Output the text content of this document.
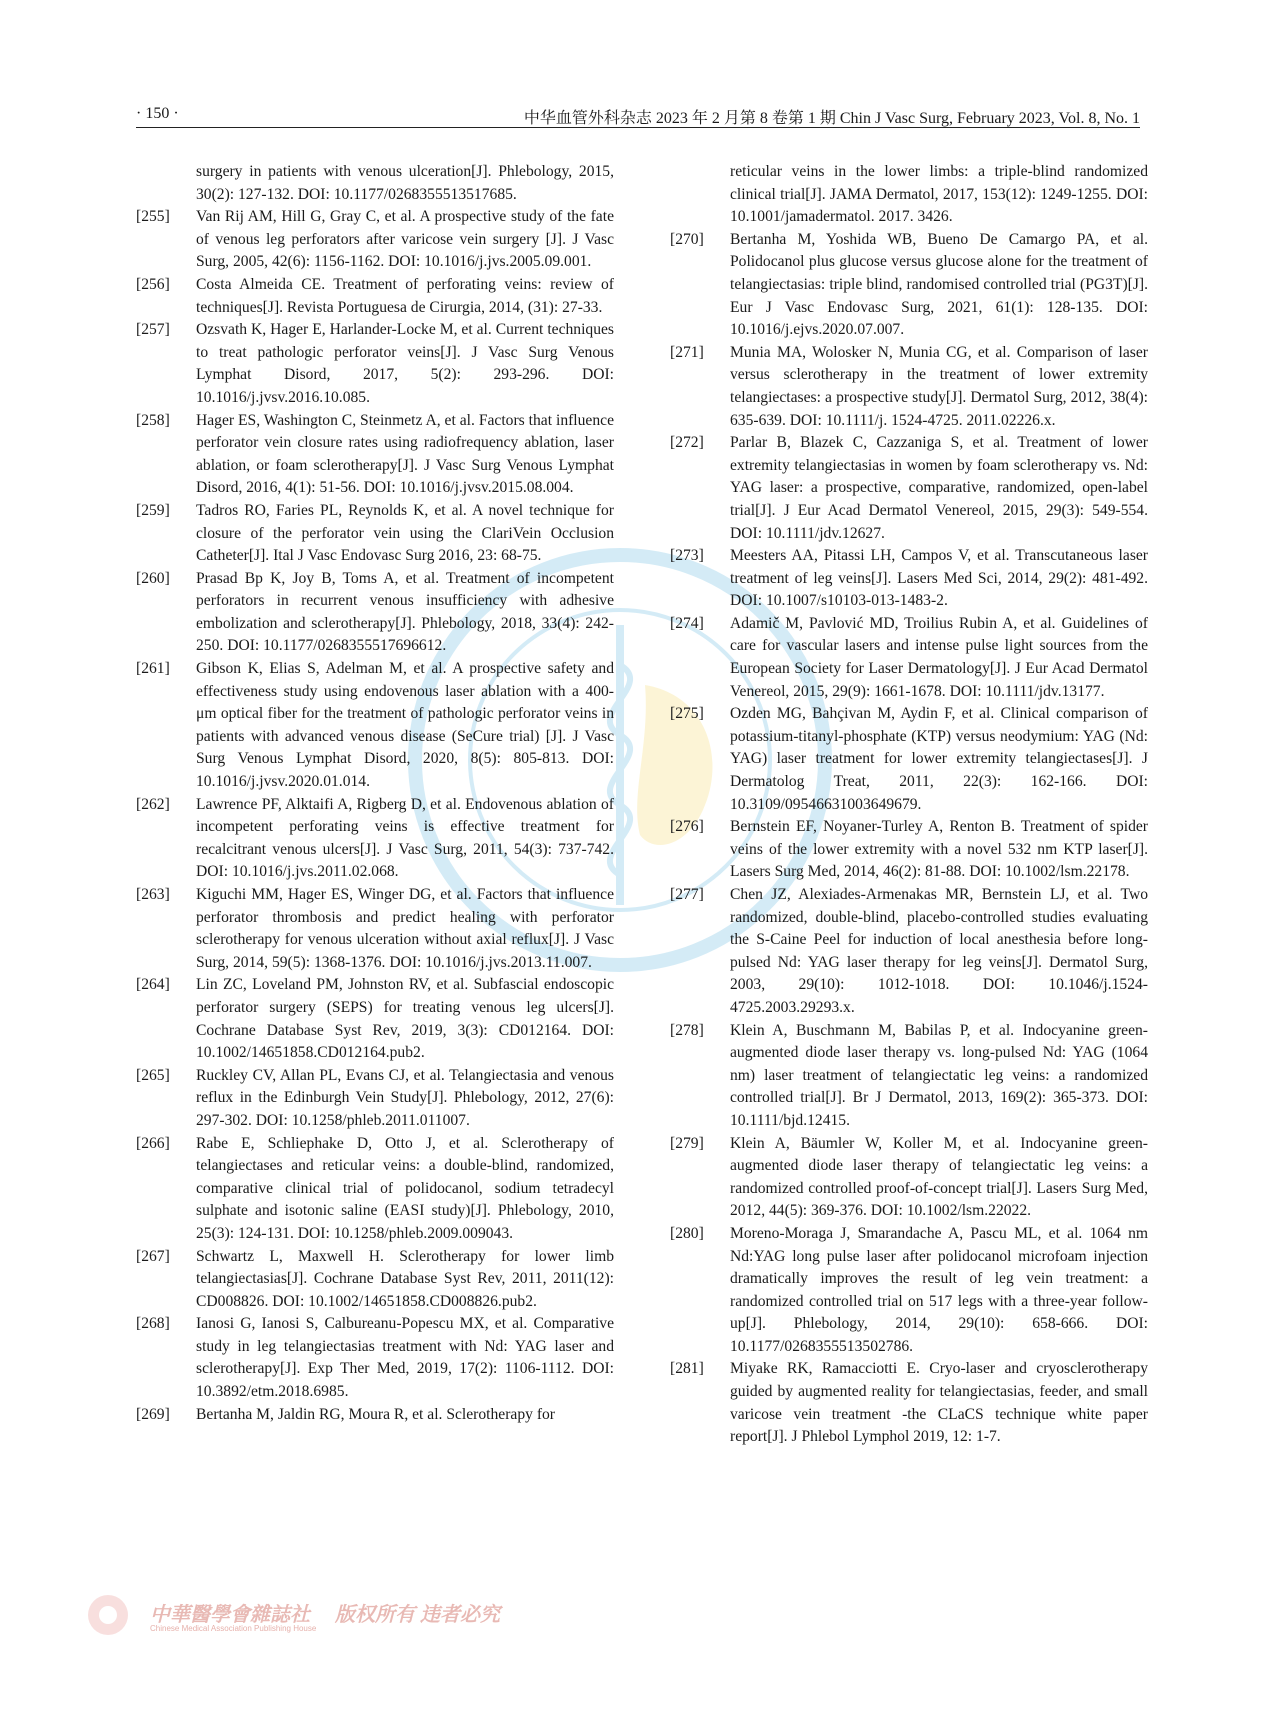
· 150 ·	中华血管外科杂志 2023 年 2 月第 8 卷第 1 期 Chin J Vasc Surg, February 2023, Vol. 8, No. 1
surgery in patients with venous ulceration[J]. Phlebology, 2015, 30(2): 127-132. DOI: 10.1177/0268355513517685.
[255] Van Rij AM, Hill G, Gray C, et al. A prospective study of the fate of venous leg perforators after varicose vein surgery [J]. J Vasc Surg, 2005, 42(6): 1156-1162. DOI: 10.1016/j.jvs.2005.09.001.
[256] Costa Almeida CE. Treatment of perforating veins: review of techniques[J]. Revista Portuguesa de Cirurgia, 2014, (31): 27-33.
[257] Ozsvath K, Hager E, Harlander-Locke M, et al. Current techniques to treat pathologic perforator veins[J]. J Vasc Surg Venous Lymphat Disord, 2017, 5(2): 293-296. DOI: 10.1016/j.jvsv.2016.10.085.
[258] Hager ES, Washington C, Steinmetz A, et al. Factors that influence perforator vein closure rates using radiofrequency ablation, laser ablation, or foam sclerotherapy[J]. J Vasc Surg Venous Lymphat Disord, 2016, 4(1): 51-56. DOI: 10.1016/j.jvsv.2015.08.004.
[259] Tadros RO, Faries PL, Reynolds K, et al. A novel technique for closure of the perforator vein using the ClariVein Occlusion Catheter[J]. Ital J Vasc Endovasc Surg 2016, 23: 68-75.
[260] Prasad Bp K, Joy B, Toms A, et al. Treatment of incompetent perforators in recurrent venous insufficiency with adhesive embolization and sclerotherapy[J]. Phlebology, 2018, 33(4): 242-250. DOI: 10.1177/0268355517696612.
[261] Gibson K, Elias S, Adelman M, et al. A prospective safety and effectiveness study using endovenous laser ablation with a 400- μm optical fiber for the treatment of pathologic perforator veins in patients with advanced venous disease (SeCure trial) [J]. J Vasc Surg Venous Lymphat Disord, 2020, 8(5): 805-813. DOI: 10.1016/j.jvsv.2020.01.014.
[262] Lawrence PF, Alktaifi A, Rigberg D, et al. Endovenous ablation of incompetent perforating veins is effective treatment for recalcitrant venous ulcers[J]. J Vasc Surg, 2011, 54(3): 737-742. DOI: 10.1016/j.jvs.2011.02.068.
[263] Kiguchi MM, Hager ES, Winger DG, et al. Factors that influence perforator thrombosis and predict healing with perforator sclerotherapy for venous ulceration without axial reflux[J]. J Vasc Surg, 2014, 59(5): 1368-1376. DOI: 10.1016/j.jvs.2013.11.007.
[264] Lin ZC, Loveland PM, Johnston RV, et al. Subfascial endoscopic perforator surgery (SEPS) for treating venous leg ulcers[J]. Cochrane Database Syst Rev, 2019, 3(3): CD012164. DOI: 10.1002/14651858.CD012164.pub2.
[265] Ruckley CV, Allan PL, Evans CJ, et al. Telangiectasia and venous reflux in the Edinburgh Vein Study[J]. Phlebology, 2012, 27(6): 297-302. DOI: 10.1258/phleb.2011.011007.
[266] Rabe E, Schliephake D, Otto J, et al. Sclerotherapy of telangiectases and reticular veins: a double-blind, randomized, comparative clinical trial of polidocanol, sodium tetradecyl sulphate and isotonic saline (EASI study)[J]. Phlebology, 2010, 25(3): 124-131. DOI: 10.1258/phleb.2009.009043.
[267] Schwartz L, Maxwell H. Sclerotherapy for lower limb telangiectasias[J]. Cochrane Database Syst Rev, 2011, 2011(12): CD008826. DOI: 10.1002/14651858.CD008826.pub2.
[268] Ianosi G, Ianosi S, Calbureanu-Popescu MX, et al. Comparative study in leg telangiectasias treatment with Nd: YAG laser and sclerotherapy[J]. Exp Ther Med, 2019, 17(2): 1106-1112. DOI: 10.3892/etm.2018.6985.
[269] Bertanha M, Jaldin RG, Moura R, et al. Sclerotherapy for
reticular veins in the lower limbs: a triple-blind randomized clinical trial[J]. JAMA Dermatol, 2017, 153(12): 1249-1255. DOI: 10.1001/jamadermatol. 2017. 3426.
[270] Bertanha M, Yoshida WB, Bueno De Camargo PA, et al. Polidocanol plus glucose versus glucose alone for the treatment of telangiectasias: triple blind, randomised controlled trial (PG3T)[J]. Eur J Vasc Endovasc Surg, 2021, 61(1): 128-135. DOI: 10.1016/j.ejvs.2020.07.007.
[271] Munia MA, Wolosker N, Munia CG, et al. Comparison of laser versus sclerotherapy in the treatment of lower extremity telangiectases: a prospective study[J]. Dermatol Surg, 2012, 38(4): 635-639. DOI: 10.1111/j. 1524-4725. 2011.02226.x.
[272] Parlar B, Blazek C, Cazzaniga S, et al. Treatment of lower extremity telangiectasias in women by foam sclerotherapy vs. Nd: YAG laser: a prospective, comparative, randomized, open-label trial[J]. J Eur Acad Dermatol Venereol, 2015, 29(3): 549-554. DOI: 10.1111/jdv.12627.
[273] Meesters AA, Pitassi LH, Campos V, et al. Transcutaneous laser treatment of leg veins[J]. Lasers Med Sci, 2014, 29(2): 481-492. DOI: 10.1007/s10103-013-1483-2.
[274] Adamič M, Pavlović MD, Troilius Rubin A, et al. Guidelines of care for vascular lasers and intense pulse light sources from the European Society for Laser Dermatology[J]. J Eur Acad Dermatol Venereol, 2015, 29(9): 1661-1678. DOI: 10.1111/jdv.13177.
[275] Ozden MG, Bahçivan M, Aydin F, et al. Clinical comparison of potassium-titanyl-phosphate (KTP) versus neodymium: YAG (Nd: YAG) laser treatment for lower extremity telangiectases[J]. J Dermatolog Treat, 2011, 22(3): 162-166. DOI: 10.3109/09546631003649679.
[276] Bernstein EF, Noyaner-Turley A, Renton B. Treatment of spider veins of the lower extremity with a novel 532 nm KTP laser[J]. Lasers Surg Med, 2014, 46(2): 81-88. DOI: 10.1002/lsm.22178.
[277] Chen JZ, Alexiades-Armenakas MR, Bernstein LJ, et al. Two randomized, double-blind, placebo-controlled studies evaluating the S-Caine Peel for induction of local anesthesia before long-pulsed Nd: YAG laser therapy for leg veins[J]. Dermatol Surg, 2003, 29(10): 1012-1018. DOI: 10.1046/j.1524-4725.2003.29293.x.
[278] Klein A, Buschmann M, Babilas P, et al. Indocyanine green-augmented diode laser therapy vs. long-pulsed Nd: YAG (1064 nm) laser treatment of telangiectatic leg veins: a randomized controlled trial[J]. Br J Dermatol, 2013, 169(2): 365-373. DOI: 10.1111/bjd.12415.
[279] Klein A, Bäumler W, Koller M, et al. Indocyanine green-augmented diode laser therapy of telangiectatic leg veins: a randomized controlled proof-of-concept trial[J]. Lasers Surg Med, 2012, 44(5): 369-376. DOI: 10.1002/lsm.22022.
[280] Moreno-Moraga J, Smarandache A, Pascu ML, et al. 1064 nm Nd:YAG long pulse laser after polidocanol microfoam injection dramatically improves the result of leg vein treatment: a randomized controlled trial on 517 legs with a three-year follow-up[J]. Phlebology, 2014, 29(10): 658-666. DOI: 10.1177/0268355513502786.
[281] Miyake RK, Ramacciotti E. Cryo-laser and cryosclerotherapy guided by augmented reality for telangiectasias, feeder, and small varicose vein treatment -the CLaCS technique white paper report[J]. J Phlebol Lymphol 2019, 12: 1-7.
中華醫學會雜誌社 版权所有 违者必究
Chinese Medical Association Publishing House
